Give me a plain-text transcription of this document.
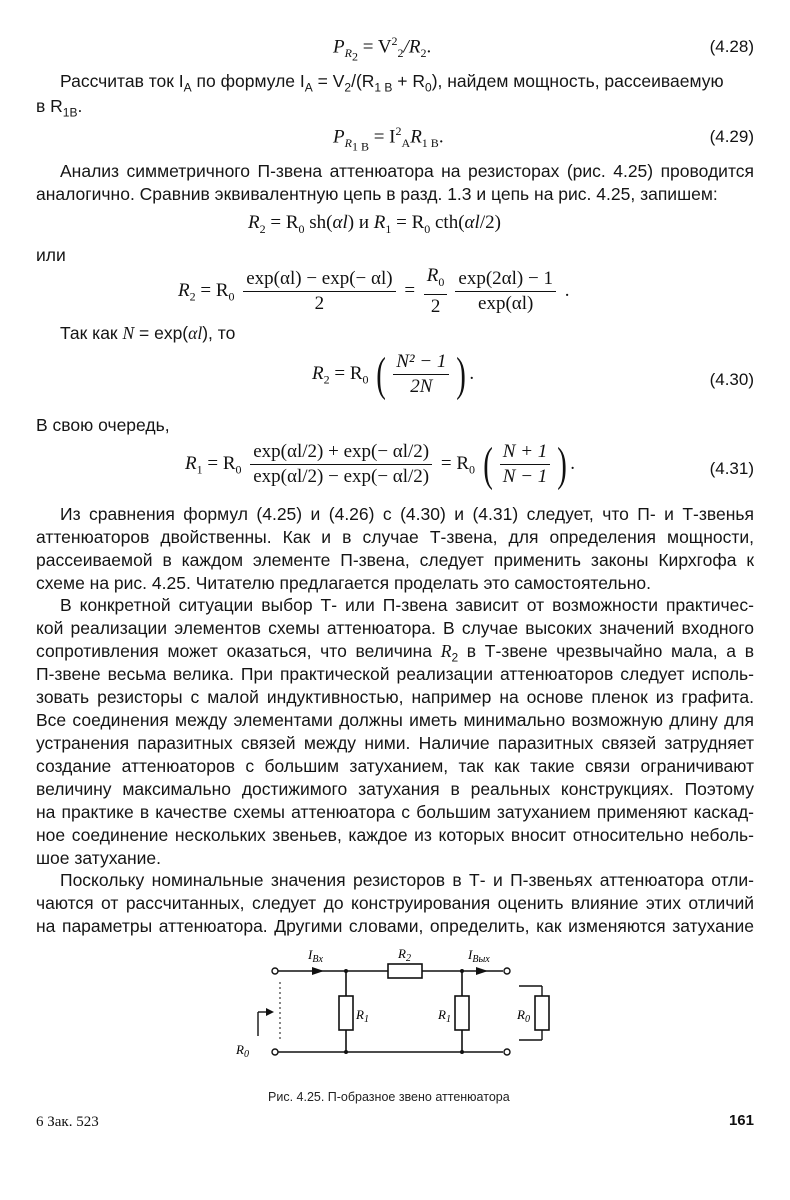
$P_{R_2} = V^2_2/R_2$.	(4.28)
Рассчитав ток $I_А$ по формуле $I_А = V_2/(R_{1 B} + R_0)$, найдем мощность, рассеиваемую
в $R_{1B}$.
$P_{R_{1 B}} = I^2_AR_{1 B}$.	(4.29)
Анализ симметричного П-звена аттенюатора на резисторах (рис. 4.25) проводится
аналогично. Сравнив эквивалентную цепь в разд. 1.3 и цепь на рис. 4.25, запишем:
$R_2 = R_0$ sh(αl) и $R_1 = R_0$ cth(αl/2)
или
$R_2 = R_0 \frac{\exp(\alpha l) - \exp(- \alpha l)}{2} = \frac{R_0}{2} \frac{\exp(2\alpha l) - 1}{\exp(\alpha l)}$ .
Так как N = exp(αl), то
$R_2 = R_0$ ( $\frac{\text{N² − 1}}{2N}$ ) .	(4.30)
В свою очередь,
$R_1 = R_0 \frac{\exp(\alpha l/2) + \exp(- \alpha l/2)}{\exp(\alpha l/2) - \exp(- \alpha l/2)} = R_0$ ( $\frac{N + 1}{N - 1}$ ) .	(4.31)
Из сравнения формул (4.25) и (4.26) с (4.30) и (4.31) следует, что П- и Т-звенья
аттенюаторов двойственны. Как и в случае Т-звена, для определения мощности,
рассеиваемой в каждом элементе П-звена, следует применить законы Кирхгофа к
схеме на рис. 4.25. Читателю предлагается проделать это самостоятельно.
В конкретной ситуации выбор Т- или П-звена зависит от возможности практичес-
кой реализации элементов схемы аттенюатора. В случае высоких значений входного
сопротивления может оказаться, что величина $R_2$ в Т-звене чрезвычайно мала, а в
П-звене весьма велика. При практической реализации аттенюаторов следует исполь-
зовать резисторы с малой индуктивностью, например на основе пленок из графита.
Все соединения между элементами должны иметь минимально возможную длину для
устранения паразитных связей между ними. Наличие паразитных связей затрудняет
создание аттенюаторов с большим затуханием, так как такие связи ограничивают
величину максимально достижимого затухания в реальных конструкциях. Поэтому
на практике в качестве схемы аттенюатора с большим затуханием применяют каскад-
ное соединение нескольких звеньев, каждое из которых вносит относительно неболь-
шое затухание.
Поскольку номинальные значения резисторов в Т- и П-звеньях аттенюатора отли-
чаются от рассчитанных, следует до конструирования оценить влияние этих отличий
на параметры аттенюатора. Другими словами, определить, как изменяются затухание
$I_{Bх}$	$R_2$	$I_{Bых}$
$R_1$	$R_1$	$R_0$
$R_0$
Рис. 4.25. П-образное звено аттенюатора
6 Зак. 523	161
